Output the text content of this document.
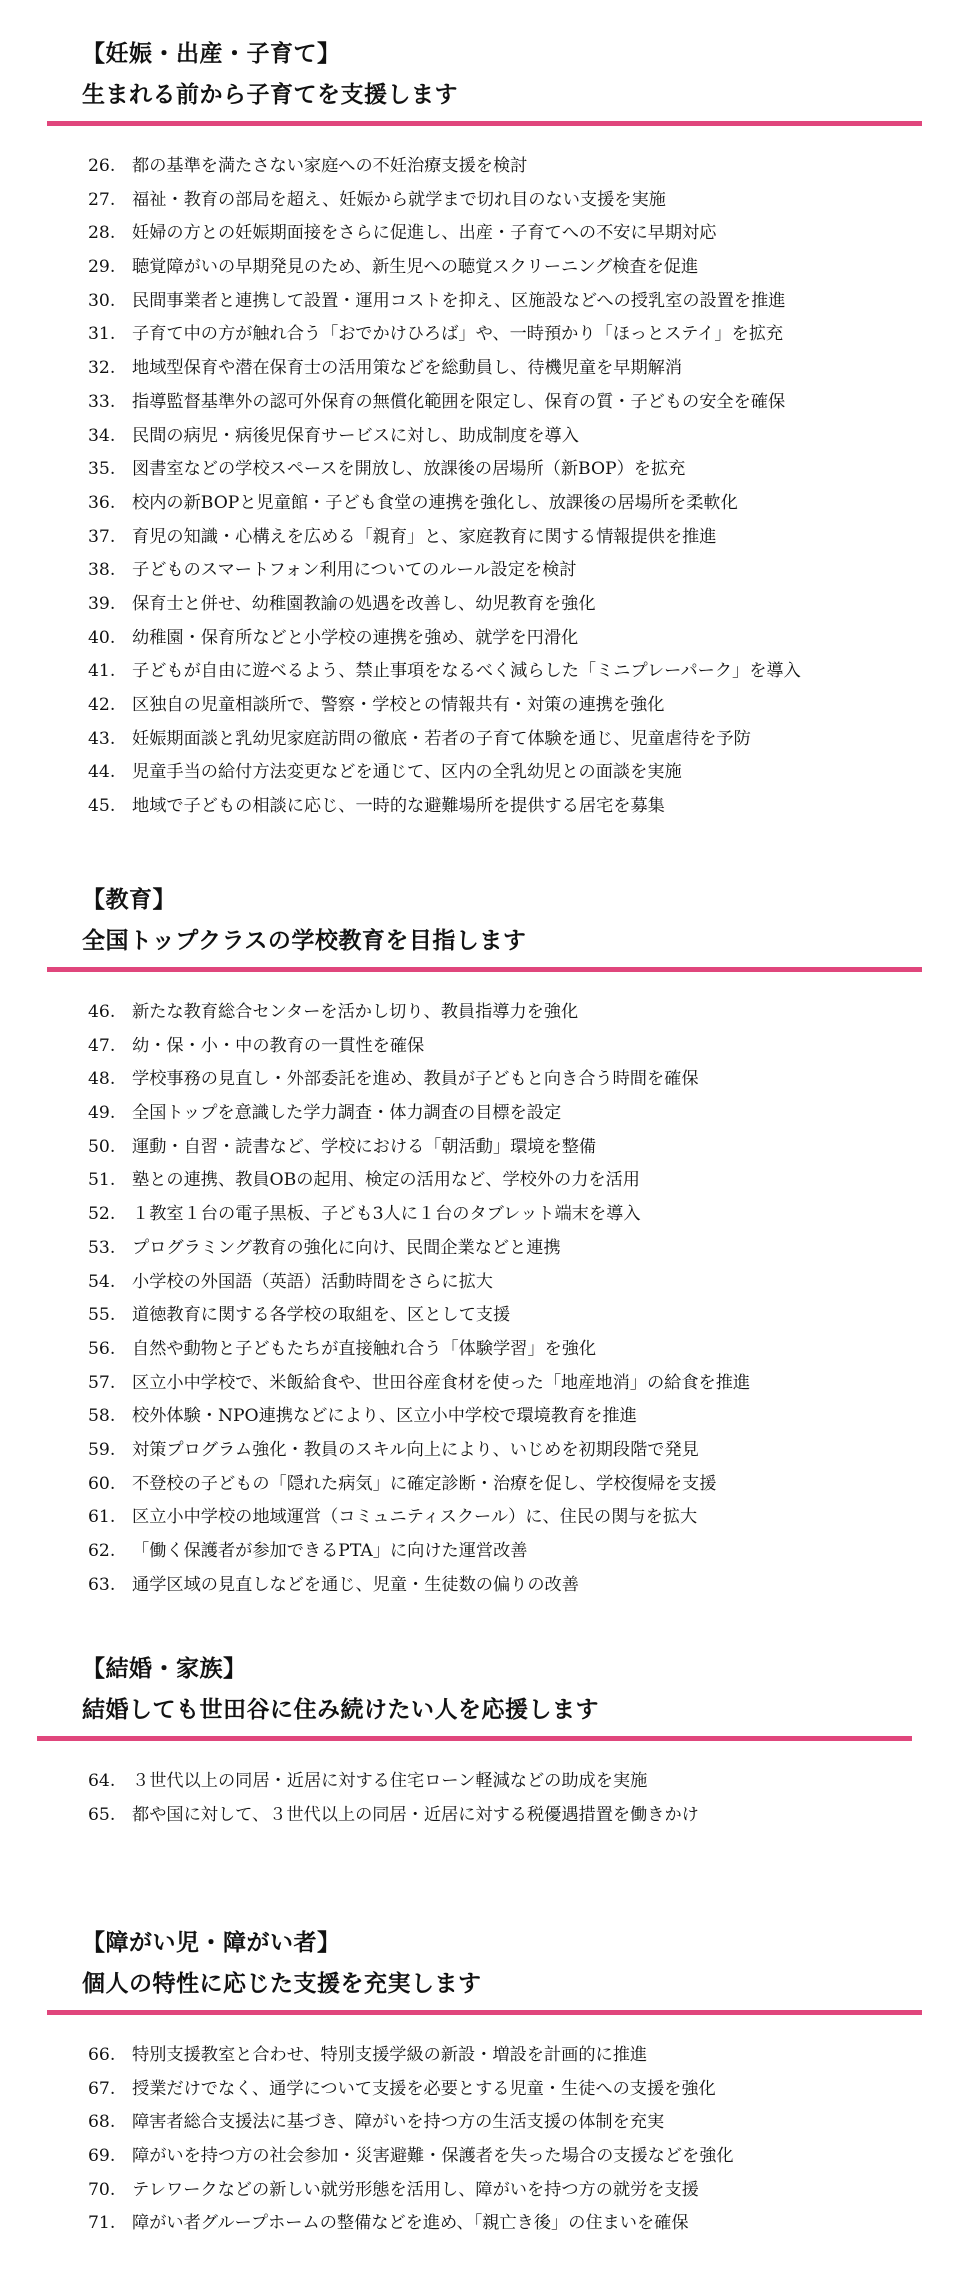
【妊娠・出産・子育て】
生まれる前から子育てを支援します
26. 都の基準を満たさない家庭への不妊治療支援を検討
27. 福祉・教育の部局を超え、妊娠から就学まで切れ目のない支援を実施
28. 妊婦の方との妊娠期面接をさらに促進し、出産・子育てへの不安に早期対応
29. 聴覚障がいの早期発見のため、新生児への聴覚スクリーニング検査を促進
30. 民間事業者と連携して設置・運用コストを抑え、区施設などへの授乳室の設置を推進
31. 子育て中の方が触れ合う「おでかけひろば」や、一時預かり「ほっとステイ」を拡充
32. 地域型保育や潜在保育士の活用策などを総動員し、待機児童を早期解消
33. 指導監督基準外の認可外保育の無償化範囲を限定し、保育の質・子どもの安全を確保
34. 民間の病児・病後児保育サービスに対し、助成制度を導入
35. 図書室などの学校スペースを開放し、放課後の居場所（新BOP）を拡充
36. 校内の新BOPと児童館・子ども食堂の連携を強化し、放課後の居場所を柔軟化
37. 育児の知識・心構えを広める「親育」と、家庭教育に関する情報提供を推進
38. 子どものスマートフォン利用についてのルール設定を検討
39. 保育士と併せ、幼稚園教諭の処遇を改善し、幼児教育を強化
40. 幼稚園・保育所などと小学校の連携を強め、就学を円滑化
41. 子どもが自由に遊べるよう、禁止事項をなるべく減らした「ミニプレーパーク」を導入
42. 区独自の児童相談所で、警察・学校との情報共有・対策の連携を強化
43. 妊娠期面談と乳幼児家庭訪問の徹底・若者の子育て体験を通じ、児童虐待を予防
44. 児童手当の給付方法変更などを通じて、区内の全乳幼児との面談を実施
45. 地域で子どもの相談に応じ、一時的な避難場所を提供する居宅を募集
【教育】
全国トップクラスの学校教育を目指します
46. 新たな教育総合センターを活かし切り、教員指導力を強化
47. 幼・保・小・中の教育の一貫性を確保
48. 学校事務の見直し・外部委託を進め、教員が子どもと向き合う時間を確保
49. 全国トップを意識した学力調査・体力調査の目標を設定
50. 運動・自習・読書など、学校における「朝活動」環境を整備
51. 塾との連携、教員OBの起用、検定の活用など、学校外の力を活用
52. １教室１台の電子黒板、子ども3人に１台のタブレット端末を導入
53. プログラミング教育の強化に向け、民間企業などと連携
54. 小学校の外国語（英語）活動時間をさらに拡大
55. 道徳教育に関する各学校の取組を、区として支援
56. 自然や動物と子どもたちが直接触れ合う「体験学習」を強化
57. 区立小中学校で、米飯給食や、世田谷産食材を使った「地産地消」の給食を推進
58. 校外体験・NPO連携などにより、区立小中学校で環境教育を推進
59. 対策プログラム強化・教員のスキル向上により、いじめを初期段階で発見
60. 不登校の子どもの「隠れた病気」に確定診断・治療を促し、学校復帰を支援
61. 区立小中学校の地域運営（コミュニティスクール）に、住民の関与を拡大
62. 「働く保護者が参加できるPTA」に向けた運営改善
63. 通学区域の見直しなどを通じ、児童・生徒数の偏りの改善
【結婚・家族】
結婚しても世田谷に住み続けたい人を応援します
64. ３世代以上の同居・近居に対する住宅ローン軽減などの助成を実施
65. 都や国に対して、３世代以上の同居・近居に対する税優遇措置を働きかけ
【障がい児・障がい者】
個人の特性に応じた支援を充実します
66. 特別支援教室と合わせ、特別支援学級の新設・増設を計画的に推進
67. 授業だけでなく、通学について支援を必要とする児童・生徒への支援を強化
68. 障害者総合支援法に基づき、障がいを持つ方の生活支援の体制を充実
69. 障がいを持つ方の社会参加・災害避難・保護者を失った場合の支援などを強化
70. テレワークなどの新しい就労形態を活用し、障がいを持つ方の就労を支援
71. 障がい者グループホームの整備などを進め、「親亡き後」の住まいを確保
